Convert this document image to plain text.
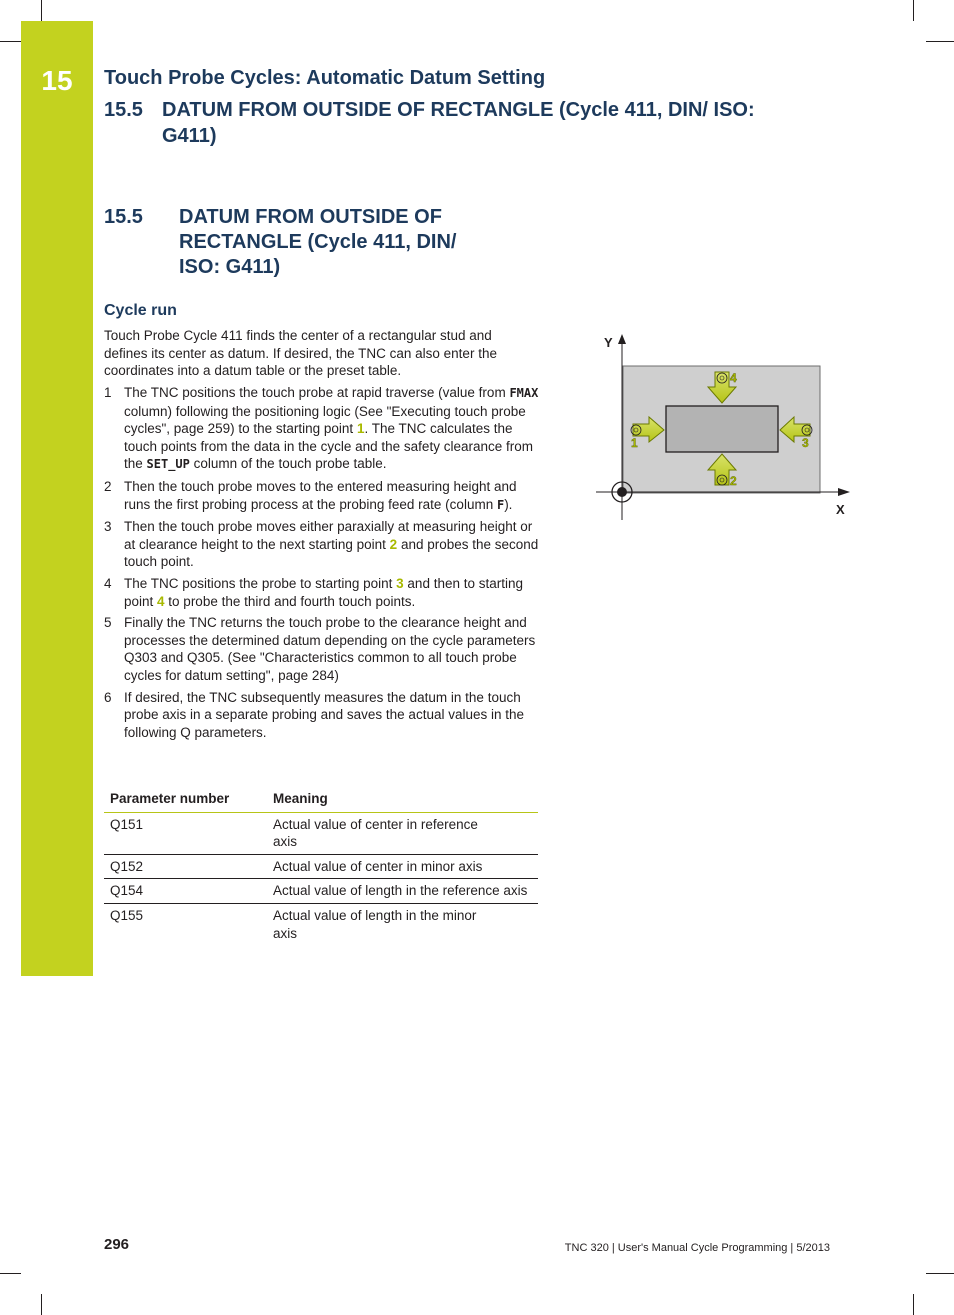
15	Touch Probe Cycles: Automatic Datum Setting
15.5 DATUM FROM OUTSIDE OF RECTANGLE (Cycle 411, DIN/ ISO: G411)
15.5 DATUM FROM OUTSIDE OF RECTANGLE (Cycle 411, DIN/ ISO: G411)
Cycle run
Touch Probe Cycle 411 finds the center of a rectangular stud and defines its center as datum. If desired, the TNC can also enter the coordinates into a datum table or the preset table.
1 The TNC positions the touch probe at rapid traverse (value from FMAX column) following the positioning logic (See "Executing touch probe cycles", page 259) to the starting point 1. The TNC calculates the touch points from the data in the cycle and the safety clearance from the SET_UP column of the touch probe table.
2 Then the touch probe moves to the entered measuring height and runs the first probing process at the probing feed rate (column F).
3 Then the touch probe moves either paraxially at measuring height or at clearance height to the next starting point 2 and probes the second touch point.
4 The TNC positions the probe to starting point 3 and then to starting point 4 to probe the third and fourth touch points.
5 Finally the TNC returns the touch probe to the clearance height and processes the determined datum depending on the cycle parameters Q303 and Q305. (See "Characteristics common to all touch probe cycles for datum setting", page 284)
6 If desired, the TNC subsequently measures the datum in the touch probe axis in a separate probing and saves the actual values in the following Q parameters.
Parameter number	Meaning
Q151	Actual value of center in reference axis
Q152	Actual value of center in minor axis
Q154	Actual value of length in the reference axis
Q155	Actual value of length in the minor axis
Y
X
1
2
3
4
296	TNC 320 | User's Manual Cycle Programming | 5/2013
